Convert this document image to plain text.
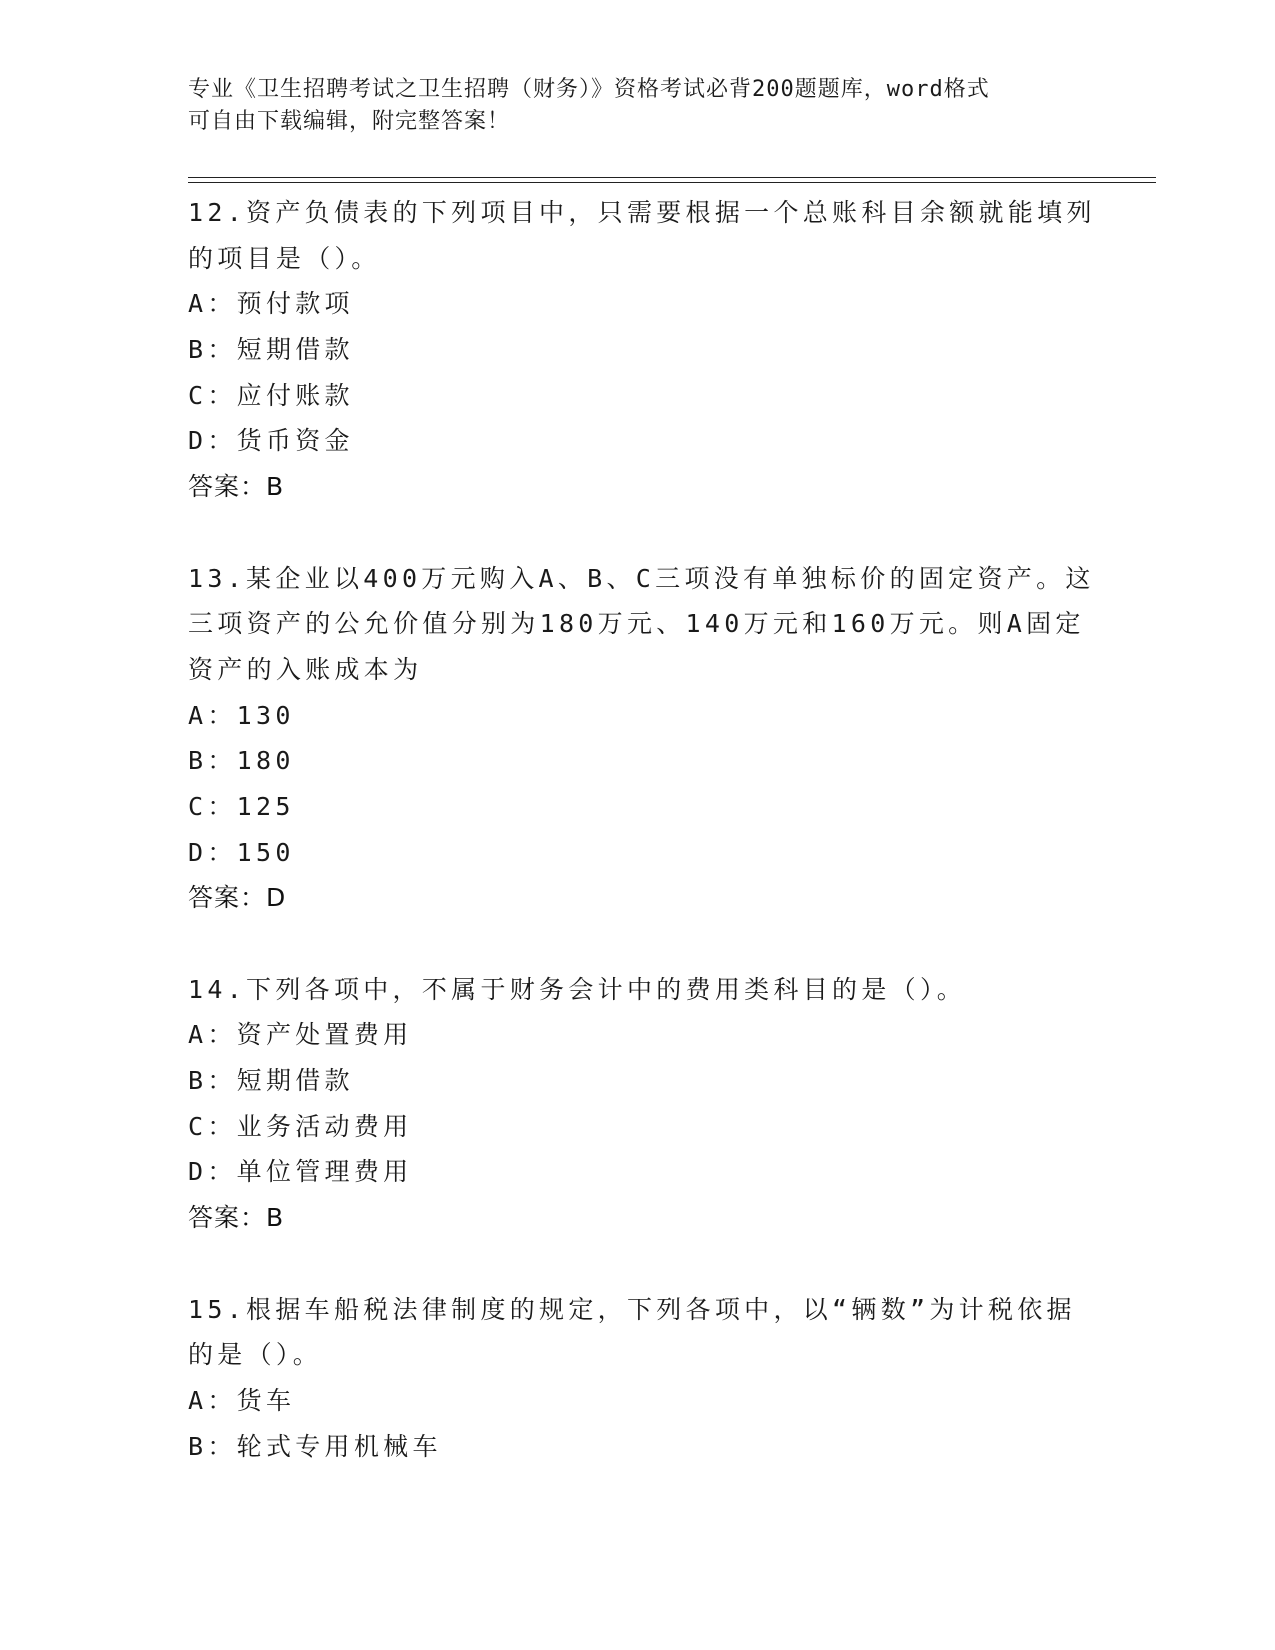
专业《卫生招聘考试之卫生招聘（财务）》资格考试必背200题题库，word格式
可自由下载编辑，附完整答案！
12.资产负债表的下列项目中，只需要根据一个总账科目余额就能填列
的项目是（）。
A：预付款项
B：短期借款
C：应付账款
D：货币资金
答案：B
13.某企业以400万元购入A、B、C三项没有单独标价的固定资产。这
三项资产的公允价值分别为180万元、140万元和160万元。则A固定
资产的入账成本为
A：130
B：180
C：125
D：150
答案：D
14.下列各项中，不属于财务会计中的费用类科目的是（）。
A：资产处置费用
B：短期借款
C：业务活动费用
D：单位管理费用
答案：B
15.根据车船税法律制度的规定，下列各项中，以“辆数”为计税依据
的是（）。
A：货车
B：轮式专用机械车
